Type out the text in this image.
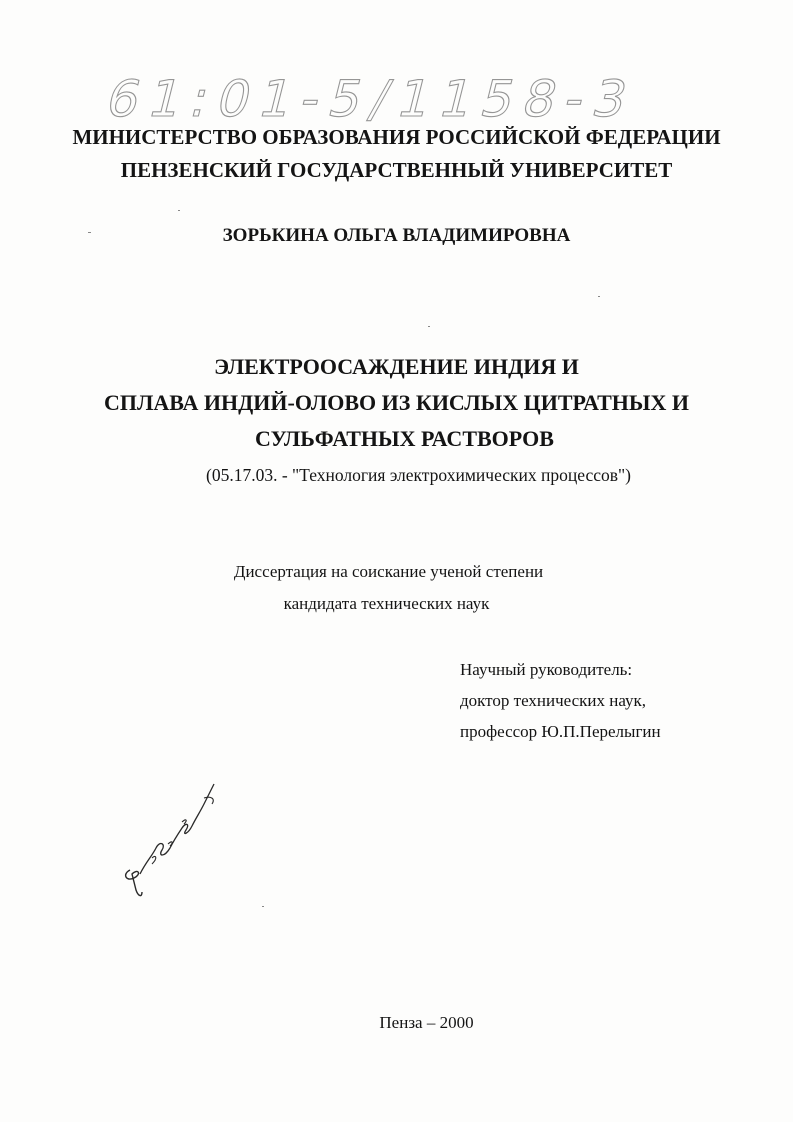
61:01-5/1158-3
МИНИСТЕРСТВО ОБРАЗОВАНИЯ РОССИЙСКОЙ ФЕДЕРАЦИИ
ПЕНЗЕНСКИЙ ГОСУДАРСТВЕННЫЙ УНИВЕРСИТЕТ
ЗОРЬКИНА ОЛЬГА ВЛАДИМИРОВНА
ЭЛЕКТРООСАЖДЕНИЕ ИНДИЯ И
СПЛАВА ИНДИЙ-ОЛОВО ИЗ КИСЛЫХ ЦИТРАТНЫХ И
СУЛЬФАТНЫХ РАСТВОРОВ
(05.17.03. - "Технология электрохимических процессов")
Диссертация на соискание ученой степени
кандидата технических наук
Научный руководитель:
доктор технических наук,
профессор Ю.П.Перелыгин
Пенза – 2000
